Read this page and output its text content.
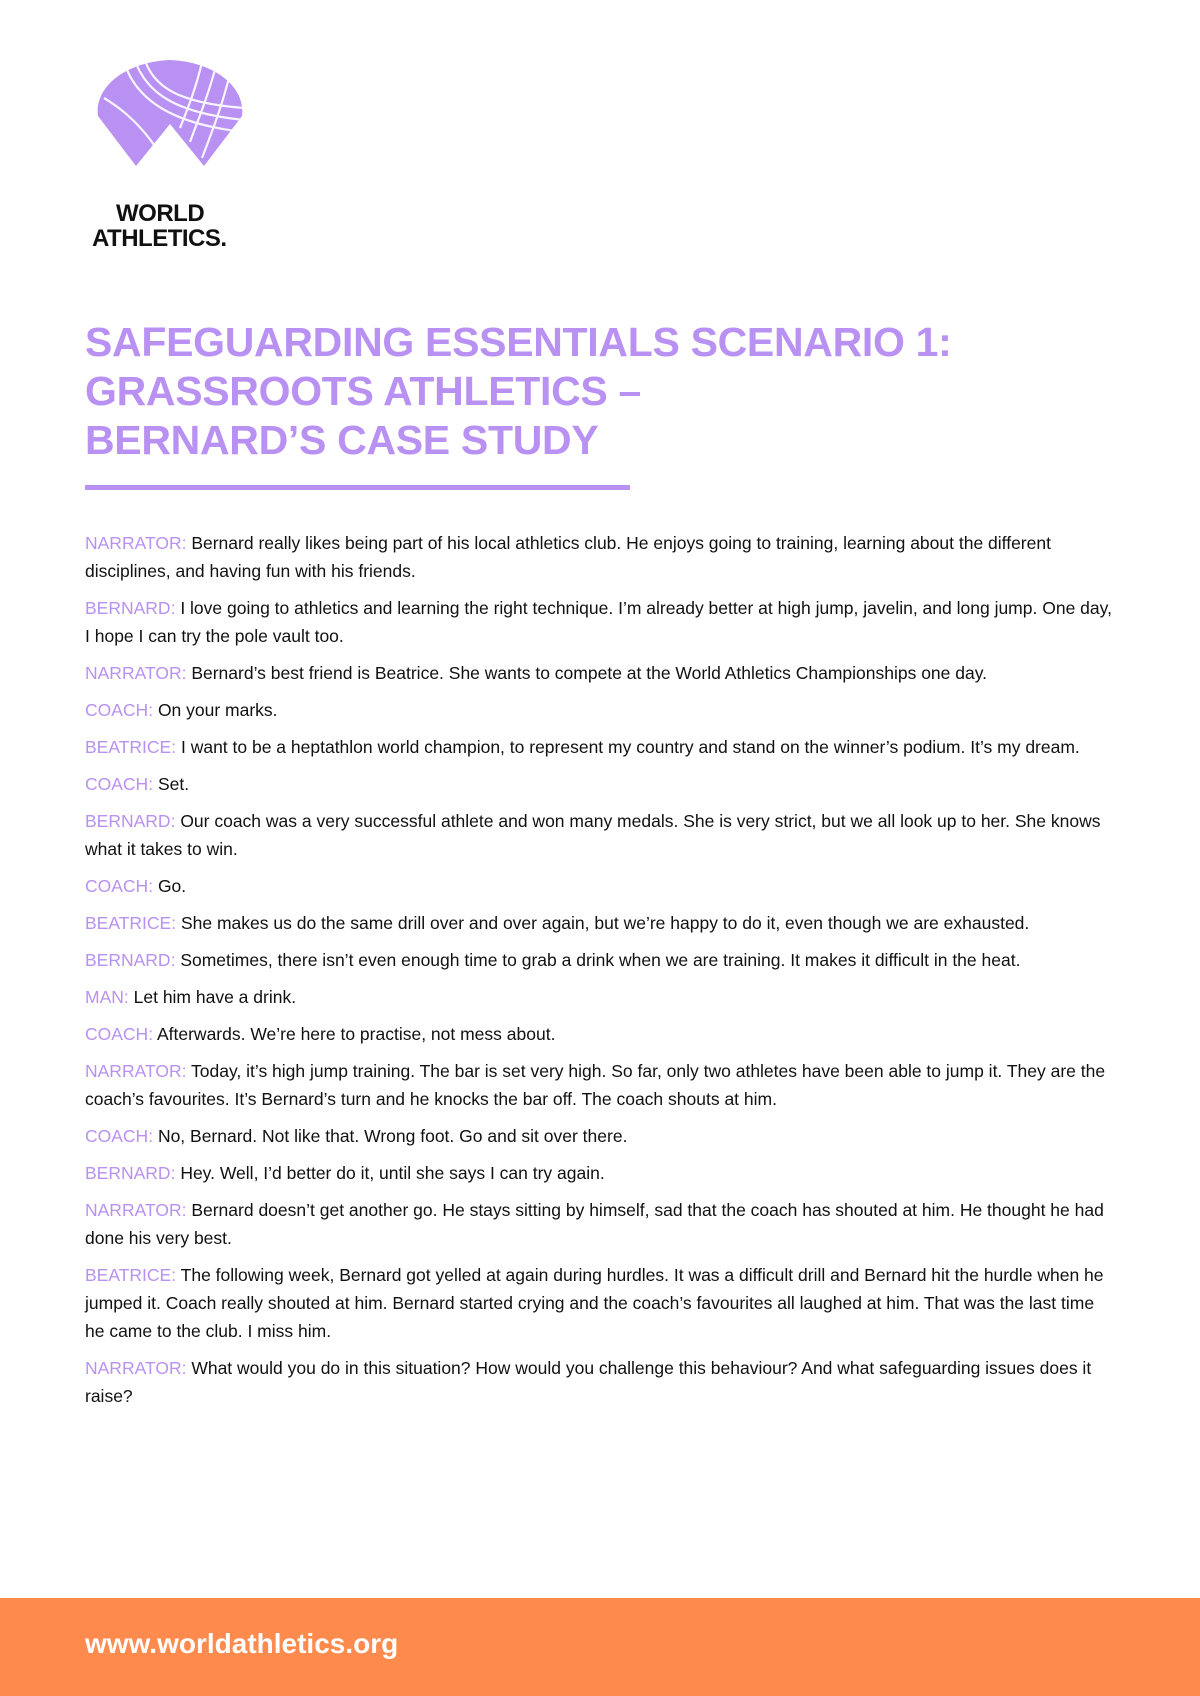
WORLD
ATHLETICS.
SAFEGUARDING ESSENTIALS SCENARIO 1:
GRASSROOTS ATHLETICS –
BERNARD’S CASE STUDY

NARRATOR: Bernard really likes being part of his local athletics club. He enjoys going to training, learning about the different disciplines, and having fun with his friends.

BERNARD: I love going to athletics and learning the right technique. I’m already better at high jump, javelin, and long jump. One day, I hope I can try the pole vault too.

NARRATOR: Bernard’s best friend is Beatrice. She wants to compete at the World Athletics Championships one day.

COACH: On your marks.

BEATRICE: I want to be a heptathlon world champion, to represent my country and stand on the winner’s podium. It’s my dream.

COACH: Set.

BERNARD: Our coach was a very successful athlete and won many medals. She is very strict, but we all look up to her. She knows what it takes to win.

COACH: Go.

BEATRICE: She makes us do the same drill over and over again, but we’re happy to do it, even though we are exhausted.

BERNARD: Sometimes, there isn’t even enough time to grab a drink when we are training. It makes it difficult in the heat.

MAN: Let him have a drink.

COACH: Afterwards. We’re here to practise, not mess about.

NARRATOR: Today, it’s high jump training. The bar is set very high. So far, only two athletes have been able to jump it. They are the coach’s favourites. It’s Bernard’s turn and he knocks the bar off. The coach shouts at him.

COACH: No, Bernard. Not like that. Wrong foot. Go and sit over there.

BERNARD: Hey. Well, I’d better do it, until she says I can try again.

NARRATOR: Bernard doesn’t get another go. He stays sitting by himself, sad that the coach has shouted at him. He thought he had done his very best.

BEATRICE: The following week, Bernard got yelled at again during hurdles. It was a difficult drill and Bernard hit the hurdle when he jumped it. Coach really shouted at him. Bernard started crying and the coach’s favourites all laughed at him. That was the last time he came to the club. I miss him.

NARRATOR: What would you do in this situation? How would you challenge this behaviour? And what safeguarding issues does it raise?

www.worldathletics.org
